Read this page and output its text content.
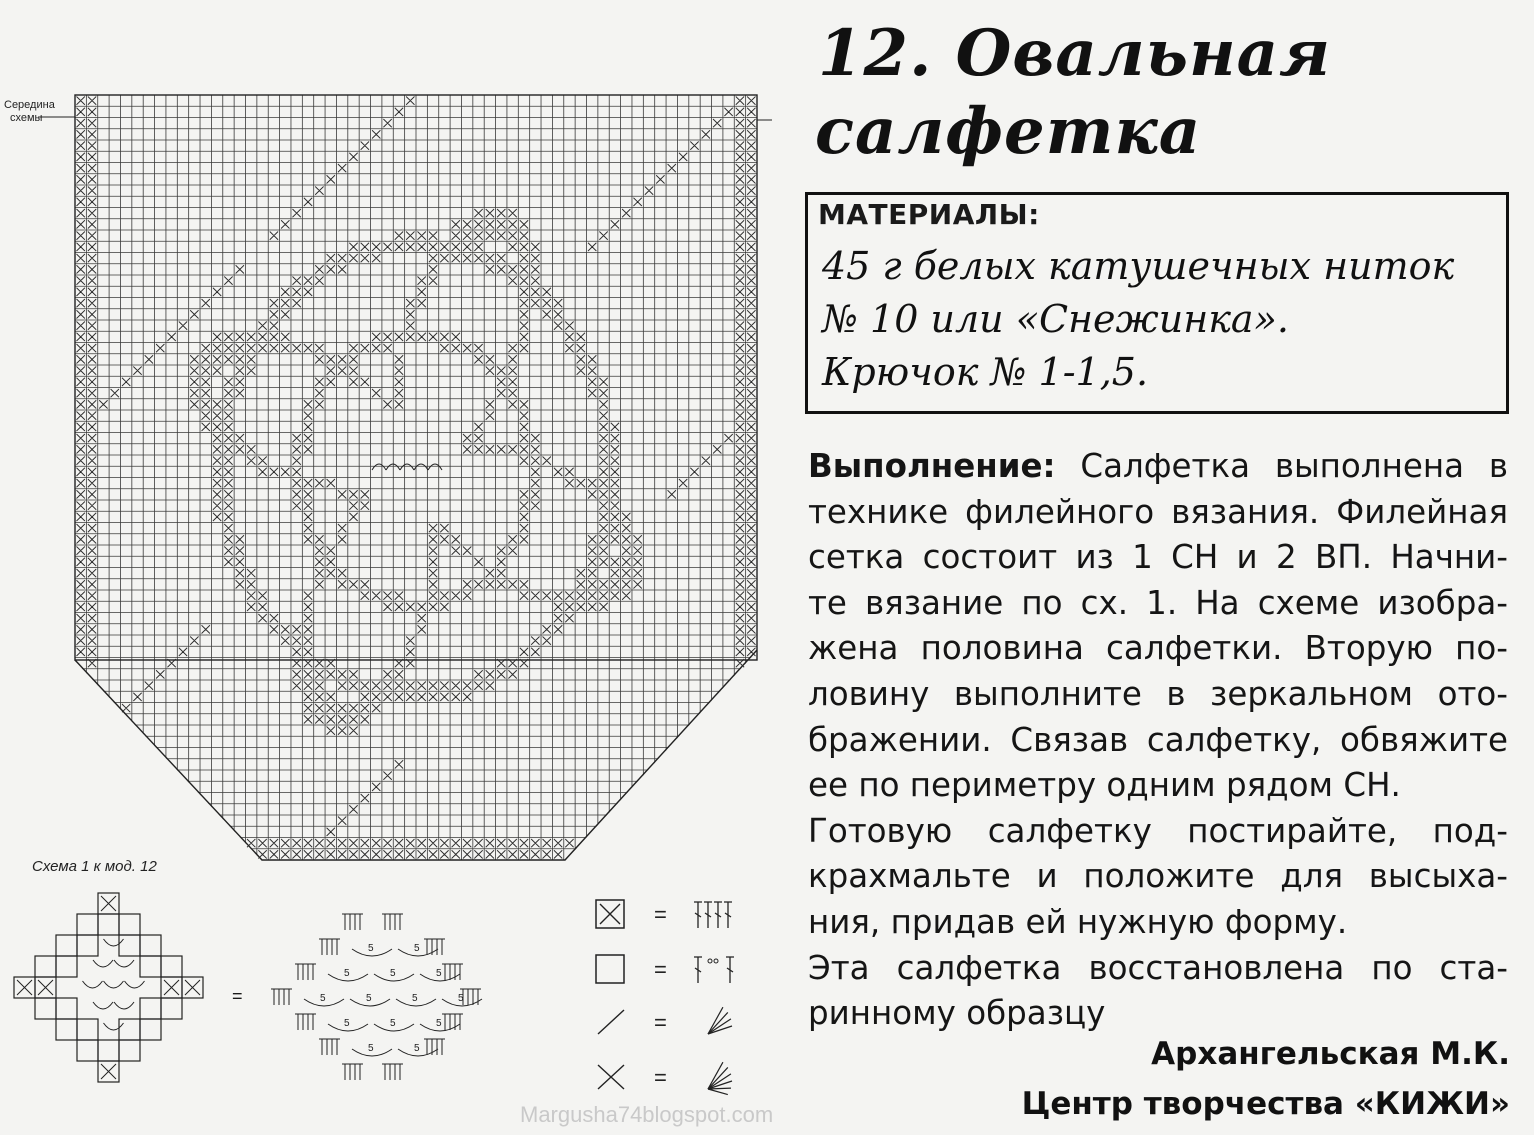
5	5
5	5	5
5	5	5	5
5	5	5
5	5
=
=
=
=
Середина
схемы
Схема 1 к мод. 12
=
12. Овальная
салфетка
МАТЕРИАЛЫ:
45 г белых катушечных ниток
№ 10 или «Снежинка».
Крючок № 1-1,5.
Выполнение: Салфетка выполнена в
технике филейного вязания. Филейная
сетка состоит из 1 СН и 2 ВП. Начни-
те вязание по сх. 1. На схеме изобра-
жена половина салфетки. Вторую по-
ловину выполните в зеркальном ото-
бражении. Связав салфетку, обвяжите
ее по периметру одним рядом СН.
Готовую салфетку постирайте, под-
крахмальте и положите для высыха-
ния, придав ей нужную форму.
Эта салфетка восстановлена по ста-
ринному образцу
Архангельская М.К.
Центр творчества «КИЖИ»
Margusha74blogspot.com
